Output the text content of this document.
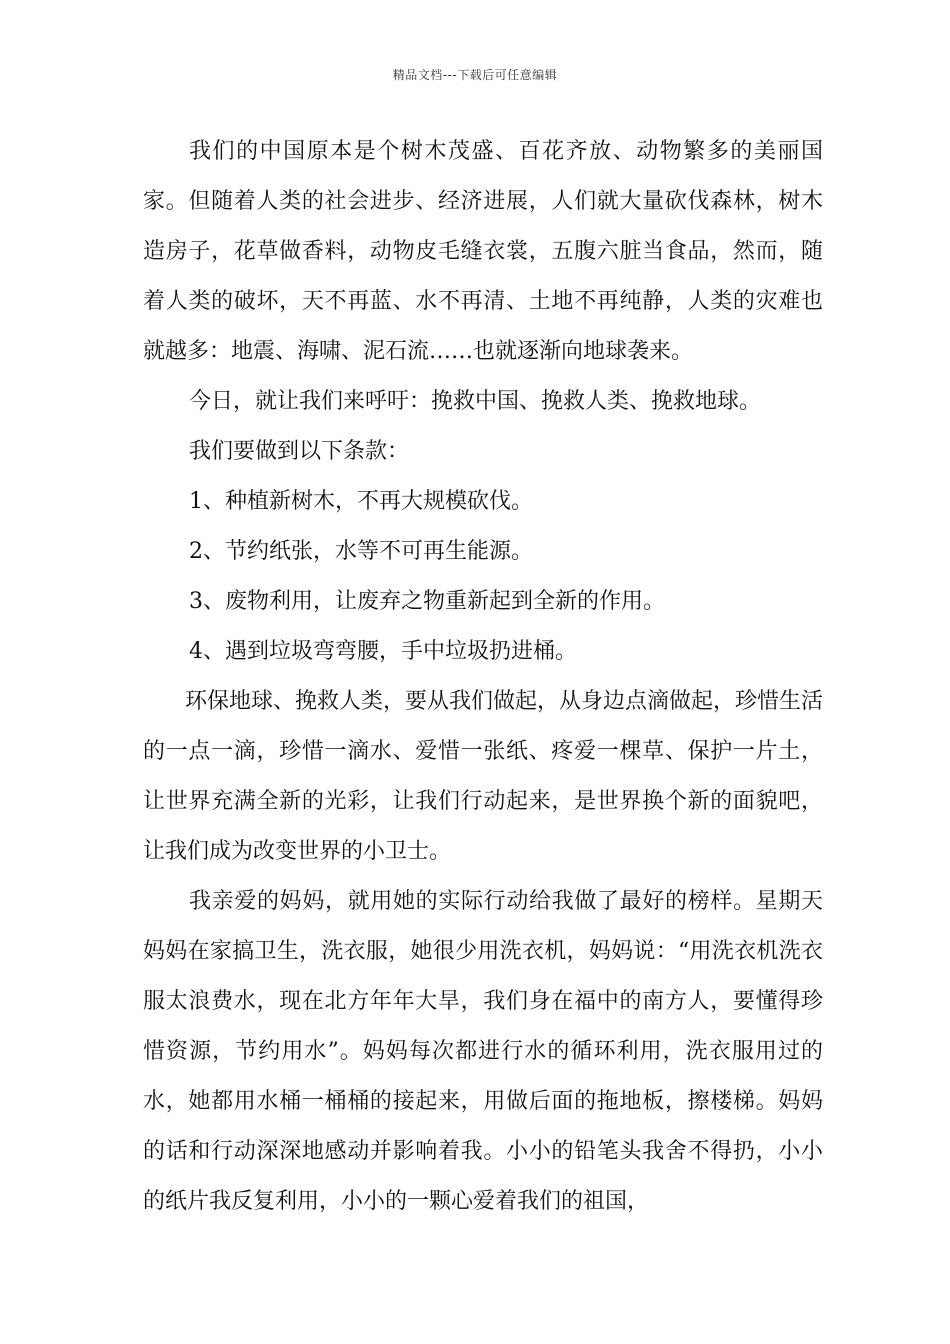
精品文档---下载后可任意编辑

我们的中国原本是个树木茂盛、百花齐放、动物繁多的美丽国家。但随着人类的社会进步、经济进展，人们就大量砍伐森林，树木造房子，花草做香料，动物皮毛缝衣裳，五腹六脏当食品，然而，随着人类的破坏，天不再蓝、水不再清、土地不再纯静，人类的灾难也就越多：地震、海啸、泥石流……也就逐渐向地球袭来。

今日，就让我们来呼吁：挽救中国、挽救人类、挽救地球。

我们要做到以下条款：

1、种植新树木，不再大规模砍伐。

2、节约纸张，水等不可再生能源。

3、废物利用，让废弃之物重新起到全新的作用。

4、遇到垃圾弯弯腰，手中垃圾扔进桶。

环保地球、挽救人类，要从我们做起，从身边点滴做起，珍惜生活的一点一滴，珍惜一滴水、爱惜一张纸、疼爱一棵草、保护一片土，让世界充满全新的光彩，让我们行动起来，是世界换个新的面貌吧，让我们成为改变世界的小卫士。

我亲爱的妈妈，就用她的实际行动给我做了最好的榜样。星期天妈妈在家搞卫生，洗衣服，她很少用洗衣机，妈妈说：“用洗衣机洗衣服太浪费水，现在北方年年大旱，我们身在福中的南方人，要懂得珍惜资源，节约用水”。妈妈每次都进行水的循环利用，洗衣服用过的水，她都用水桶一桶桶的接起来，用做后面的拖地板，擦楼梯。妈妈的话和行动深深地感动并影响着我。小小的铅笔头我舍不得扔，小小的纸片我反复利用，小小的一颗心爱着我们的祖国，
